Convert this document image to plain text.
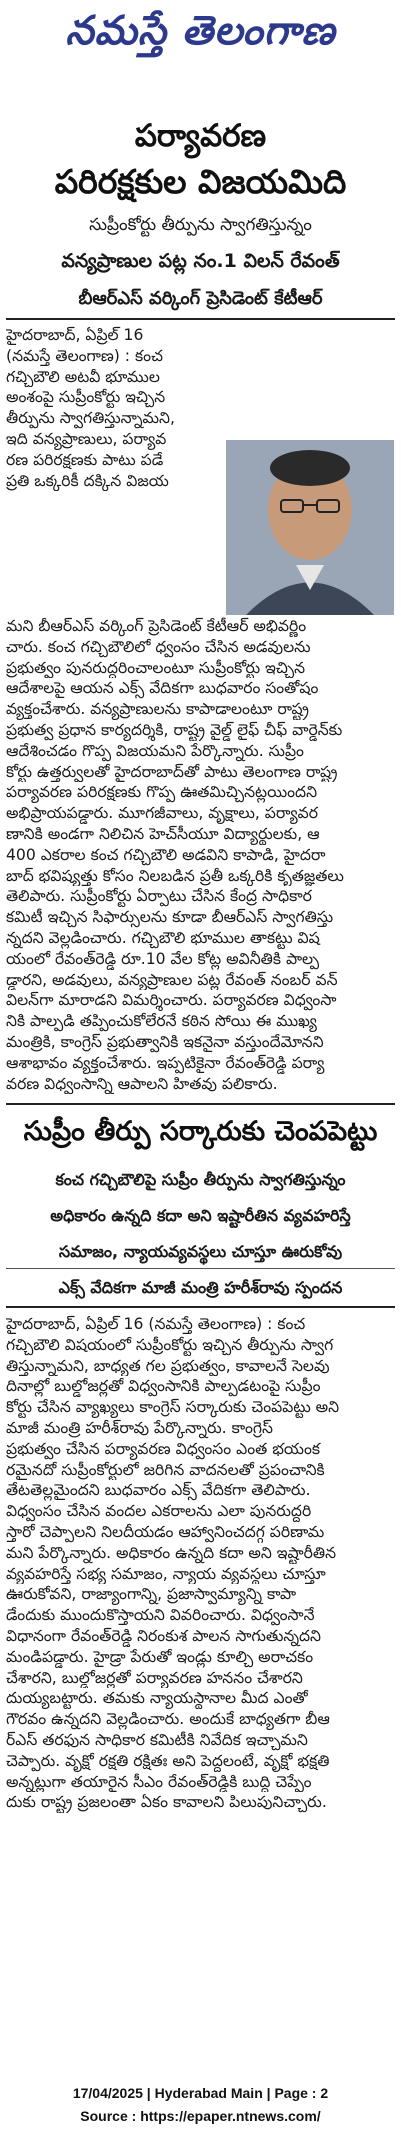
నమస్తే తెలంగాణ
పర్యావరణ
పరిరక్షకుల విజయమిది
సుప్రీంకోర్టు తీర్పును స్వాగతిస్తున్నం
వన్యప్రాణుల పట్ల నం.1 విలన్ రేవంత్
బీఆర్ఎస్ వర్కింగ్ ప్రెసిడెంట్ కేటీఆర్
హైదరాబాద్, ఏప్రిల్ 16
(నమస్తే తెలంగాణ) : కంచ
గచ్చిబౌలి అటవీ భూముల
అంశంపై సుప్రీంకోర్టు ఇచ్చిన
తీర్పును స్వాగతిస్తున్నామని,
ఇది వన్యప్రాణులు, పర్యావ
రణ పరిరక్షణకు పాటు పడే
ప్రతి ఒక్కరికీ దక్కిన విజయ
మని బీఆర్ఎస్ వర్కింగ్ ప్రెసిడెంట్ కేటీఆర్ అభివర్ణిం
చారు. కంచ గచ్చిబౌలిలో ధ్వంసం చేసిన అడవులను
ప్రభుత్వం పునరుద్ధరించాలంటూ సుప్రీంకోర్టు ఇచ్చిన
ఆదేశాలపై ఆయన ఎక్స్ వేదికగా బుధవారం సంతోషం
వ్యక్తంచేశారు. వన్యప్రాణులను కాపాడాలంటూ రాష్ట్ర
ప్రభుత్వ ప్రధాన కార్యదర్శికి, రాష్ట్ర వైల్డ్ లైఫ్ చీఫ్ వార్డెన్‌కు
ఆదేశించడం గొప్ప విజయమని పేర్కొన్నారు. సుప్రీం
కోర్టు ఉత్తర్వులతో హైదరాబాద్‌తో పాటు తెలంగాణ రాష్ట్ర
పర్యావరణ పరిరక్షణకు గొప్ప ఊతమిచ్చినట్లయిందని
అభిప్రాయపడ్డారు. మూగజీవాలు, వృక్షాలు, పర్యావర
ణానికి అండగా నిలిచిన హెచ్‌సీయూ విద్యార్థులకు, ఆ
400 ఎకరాల కంచ గచ్చిబౌలి అడవిని కాపాడి, హైదరా
బాద్ భవిష్యత్తు కోసం నిలబడిన ప్రతీ ఒక్కరికి కృతజ్ఞతలు
తెలిపారు. సుప్రీంకోర్టు ఏర్పాటు చేసిన కేంద్ర సాధికార
కమిటీ ఇచ్చిన సిఫార్సులను కూడా బీఆర్ఎస్ స్వాగతిస్తు
న్నదని వెల్లడించారు. గచ్చిబౌలి భూముల తాకట్టు విష
యంలో రేవంత్‌రెడ్డి రూ.10 వేల కోట్ల అవినీతికి పాల్ప
డ్డారని, అడవులు, వన్యప్రాణుల పట్ల రేవంత్ నంబర్ వన్
విలన్‌గా మారాడని విమర్శించారు. పర్యావరణ విధ్వంసా
నికి పాల్పడి తప్పించుకోలేరనే కఠిన సోయి ఈ ముఖ్య
మంత్రికి, కాంగ్రెస్ ప్రభుత్వానికి ఇకనైనా వస్తుందేమోనని
ఆశాభావం వ్యక్తంచేశారు. ఇప్పటికైనా రేవంత్‌రెడ్డి పర్యా
వరణ విధ్వంసాన్ని ఆపాలని హితవు పలికారు.
సుప్రీం తీర్పు సర్కారుకు చెంపపెట్టు
కంచ గచ్చిబౌలిపై సుప్రీం తీర్పును స్వాగతిస్తున్నం
అధికారం ఉన్నది కదా అని ఇష్టారీతిన వ్యవహరిస్తే
సమాజం, న్యాయవ్యవస్థలు చూస్తూ ఊరుకోవు
ఎక్స్ వేదికగా మాజీ మంత్రి హరీశ్‌రావు స్పందన
హైదరాబాద్, ఏప్రిల్ 16 (నమస్తే తెలంగాణ) : కంచ
గచ్చిబౌలి విషయంలో సుప్రీంకోర్టు ఇచ్చిన తీర్పును స్వాగ
తిస్తున్నామని, బాధ్యత గల ప్రభుత్వం, కావాలనే సెలవు
దినాల్లో బుల్డోజర్లతో విధ్వంసానికి పాల్పడటంపై సుప్రీం
కోర్టు చేసిన వ్యాఖ్యలు కాంగ్రెస్ సర్కారుకు చెంపపెట్టు అని
మాజీ మంత్రి హరీశ్‌రావు పేర్కొన్నారు. కాంగ్రెస్
ప్రభుత్వం చేసిన పర్యావరణ విధ్వంసం ఎంత భయంక
రమైనదో సుప్రీంకోర్టులో జరిగిన వాదనలతో ప్రపంచానికి
తేటతెల్లమైందని బుధవారం ఎక్స్ వేదికగా తెలిపారు.
విధ్వంసం చేసిన వందల ఎకరాలను ఎలా పునరుద్ధరి
స్తారో చెప్పాలని నిలదీయడం ఆహ్వానించదగ్గ పరిణామ
మని పేర్కొన్నారు. అధికారం ఉన్నది కదా అని ఇష్టారీతిన
వ్యవహరిస్తే సభ్య సమాజం, న్యాయ వ్యవస్థలు చూస్తూ
ఊరుకోవని, రాజ్యాంగాన్ని, ప్రజాస్వామ్యాన్ని కాపా
డేందుకు ముందుకొస్తాయని వివరించారు. విధ్వంసానే
విధానంగా రేవంత్‌రెడ్డి నిరంకుశ పాలన సాగుతున్నదని
మండిపడ్డారు. హైడ్రా పేరుతో ఇండ్లు కూల్చి అరాచకం
చేశారని, బుల్డోజర్లతో పర్యావరణ హననం చేశారని
దుయ్యబట్టారు. తమకు న్యాయస్థానాల మీద ఎంతో
గౌరవం ఉన్నదని వెల్లడించారు. అందుకే బాధ్యతగా బీఆ
ర్ఎస్ తరఫున సాధికార కమిటీకి నివేదిక ఇచ్చామని
చెప్పారు. వృక్షో రక్షతి రక్షితః అని పెద్దలంటే, వృక్షో భక్షతి
అన్నట్లుగా తయారైన సీఎం రేవంత్‌రెడ్డికి బుద్ధి చెప్పేం
దుకు రాష్ట్ర ప్రజలంతా ఏకం కావాలని పిలుపునిచ్చారు.
17/04/2025 | Hyderabad Main | Page : 2
Source : https://epaper.ntnews.com/
